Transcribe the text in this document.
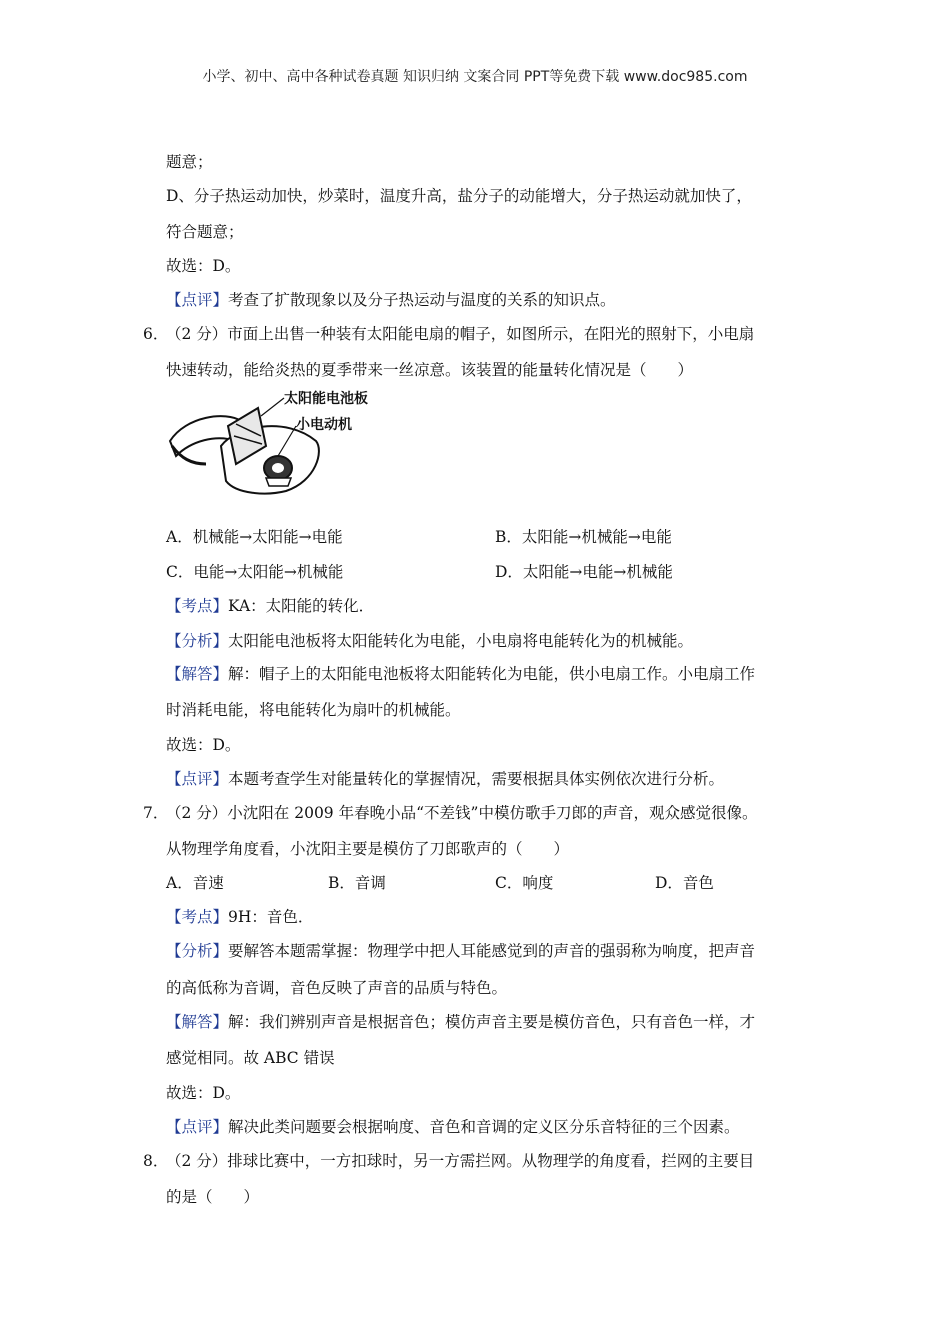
小学、初中、高中各种试卷真题 知识归纳 文案合同 PPT等免费下载 www.doc985.com
题意；
D、分子热运动加快，炒菜时，温度升高，盐分子的动能增大，分子热运动就加快了，
符合题意；
故选：D。
【点评】考查了扩散现象以及分子热运动与温度的关系的知识点。
6．
（2 分）市面上出售一种装有太阳能电扇的帽子，如图所示，在阳光的照射下，小电扇
快速转动，能给炎热的夏季带来一丝凉意。该装置的能量转化情况是（　　）
太阳能电池板
小电动机
A．机械能→太阳能→电能	B．太阳能→机械能→电能
C．电能→太阳能→机械能	D．太阳能→电能→机械能
【考点】KA：太阳能的转化．
【分析】太阳能电池板将太阳能转化为电能，小电扇将电能转化为的机械能。
【解答】解：帽子上的太阳能电池板将太阳能转化为电能，供小电扇工作。小电扇工作
时消耗电能，将电能转化为扇叶的机械能。
故选：D。
【点评】本题考查学生对能量转化的掌握情况，需要根据具体实例依次进行分析。
7．
（2 分）小沈阳在 2009 年春晚小品“不差钱”中模仿歌手刀郎的声音，观众感觉很像。
从物理学角度看，小沈阳主要是模仿了刀郎歌声的（　　）
A．音速	B．音调	C．响度	D．音色
【考点】9H：音色．
【分析】要解答本题需掌握：物理学中把人耳能感觉到的声音的强弱称为响度，把声音
的高低称为音调，音色反映了声音的品质与特色。
【解答】解：我们辨别声音是根据音色；模仿声音主要是模仿音色，只有音色一样，才
感觉相同。故 ABC 错误
故选：D。
【点评】解决此类问题要会根据响度、音色和音调的定义区分乐音特征的三个因素。
8．
（2 分）排球比赛中，一方扣球时，另一方需拦网。从物理学的角度看，拦网的主要目
的是（　　）
